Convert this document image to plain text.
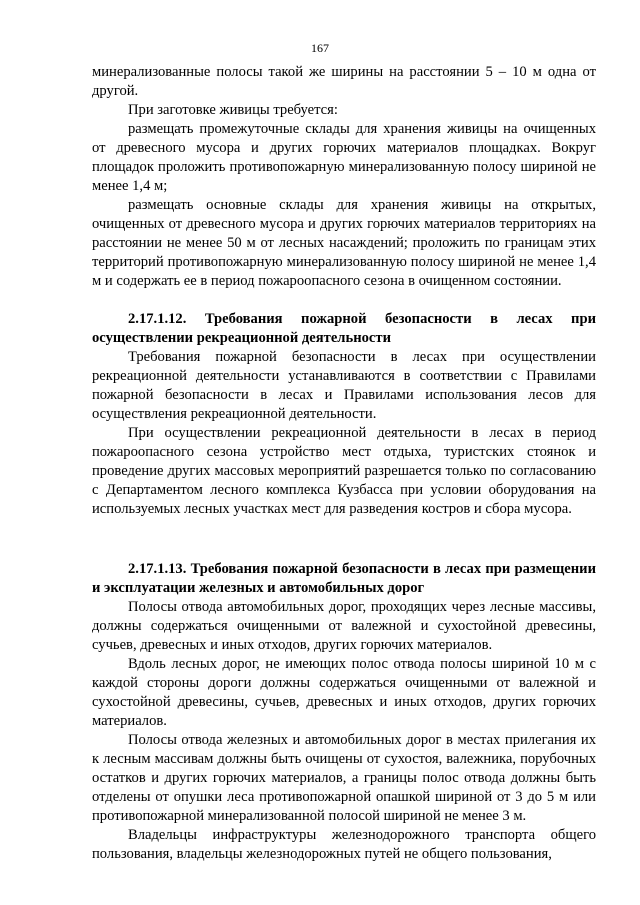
167

минерализованные полосы такой же ширины на расстоянии 5 – 10 м одна от другой.

При заготовке живицы требуется:

размещать промежуточные склады для хранения живицы на очищенных от древесного мусора и других горючих материалов площадках. Вокруг площадок проложить противопожарную минерализованную полосу шириной не менее 1,4 м;

размещать основные склады для хранения живицы на открытых, очищенных от древесного мусора и других горючих материалов территориях на расстоянии не менее 50 м от лесных насаждений; проложить по границам этих территорий противопожарную минерализованную полосу шириной не менее 1,4 м и содержать ее в период пожароопасного сезона в очищенном состоянии.

2.17.1.12. Требования пожарной безопасности в лесах при осуществлении рекреационной деятельности

Требования пожарной безопасности в лесах при осуществлении рекреационной деятельности устанавливаются в соответствии с Правилами пожарной безопасности в лесах и Правилами использования лесов для осуществления рекреационной деятельности.

При осуществлении рекреационной деятельности в лесах в период пожароопасного сезона устройство мест отдыха, туристских стоянок и проведение других массовых мероприятий разрешается только по согласованию с Департаментом лесного комплекса Кузбасса при условии оборудования на используемых лесных участках мест для разведения костров и сбора мусора.

2.17.1.13. Требования пожарной безопасности в лесах при размещении и эксплуатации железных и автомобильных дорог

Полосы отвода автомобильных дорог, проходящих через лесные массивы, должны содержаться очищенными от валежной и сухостойной древесины, сучьев, древесных и иных отходов, других горючих материалов.

Вдоль лесных дорог, не имеющих полос отвода полосы шириной 10 м с каждой стороны дороги должны содержаться очищенными от валежной и сухостойной древесины, сучьев, древесных и иных отходов, других горючих материалов.

Полосы отвода железных и автомобильных дорог в местах прилегания их к лесным массивам должны быть очищены от сухостоя, валежника, порубочных остатков и других горючих материалов, а границы полос отвода должны быть отделены от опушки леса противопожарной опашкой шириной от 3 до 5 м или противопожарной минерализованной полосой шириной не менее 3 м.

Владельцы инфраструктуры железнодорожного транспорта общего пользования, владельцы железнодорожных путей не общего пользования,
